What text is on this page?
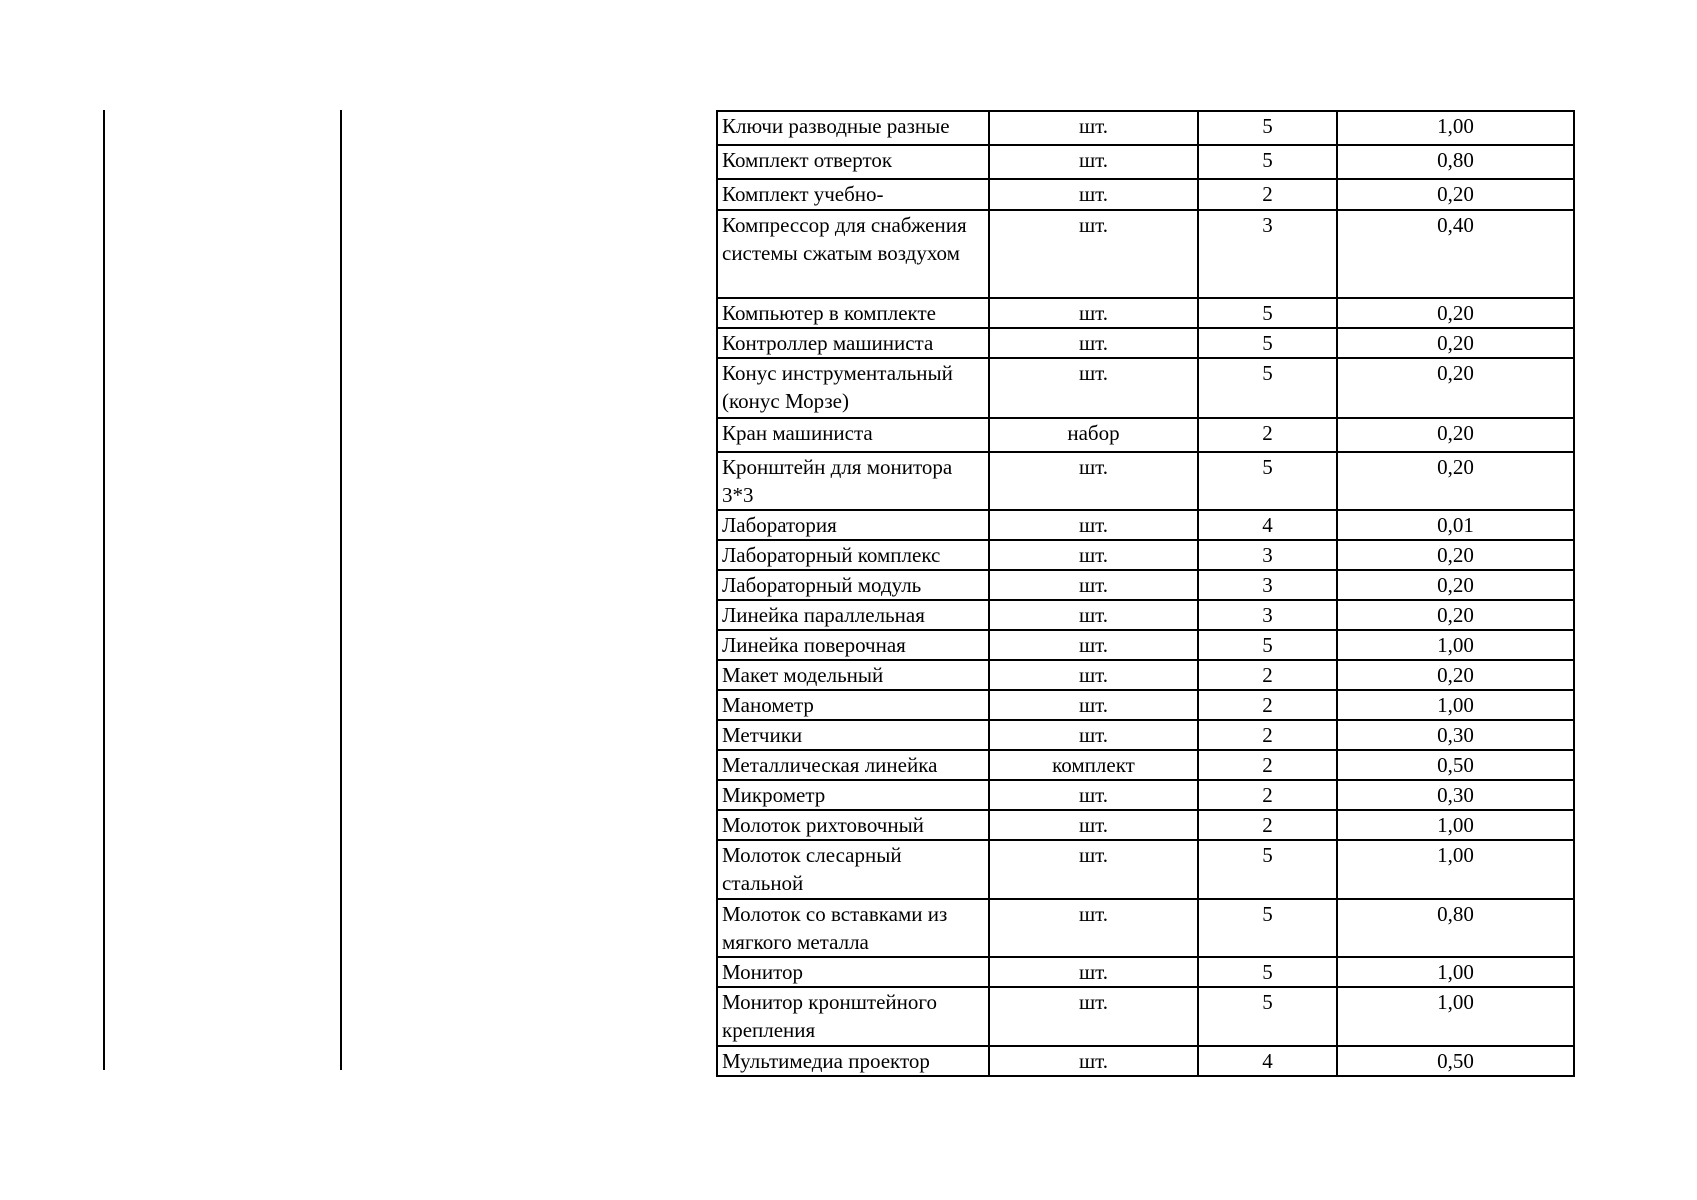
Ключи разводные разные	шт.	5	1,00
Комплект отверток	шт.	5	0,80
Комплект учебно-	шт.	2	0,20
Компрессор для снабжения
системы сжатым воздухом	шт.	3	0,40
Компьютер в комплекте	шт.	5	0,20
Контроллер машиниста	шт.	5	0,20
Конус инструментальный
(конус Морзе)	шт.	5	0,20
Кран машиниста	набор	2	0,20
Кронштейн для монитора
3*3	шт.	5	0,20
Лаборатория	шт.	4	0,01
Лабораторный комплекс	шт.	3	0,20
Лабораторный модуль	шт.	3	0,20
Линейка параллельная	шт.	3	0,20
Линейка поверочная	шт.	5	1,00
Макет модельный	шт.	2	0,20
Манометр	шт.	2	1,00
Метчики	шт.	2	0,30
Металлическая линейка	комплект	2	0,50
Микрометр	шт.	2	0,30
Молоток рихтовочный	шт.	2	1,00
Молоток слесарный
стальной	шт.	5	1,00
Молоток со вставками из
мягкого металла	шт.	5	0,80
Монитор	шт.	5	1,00
Монитор кронштейного
крепления	шт.	5	1,00
Мультимедиа проектор	шт.	4	0,50
